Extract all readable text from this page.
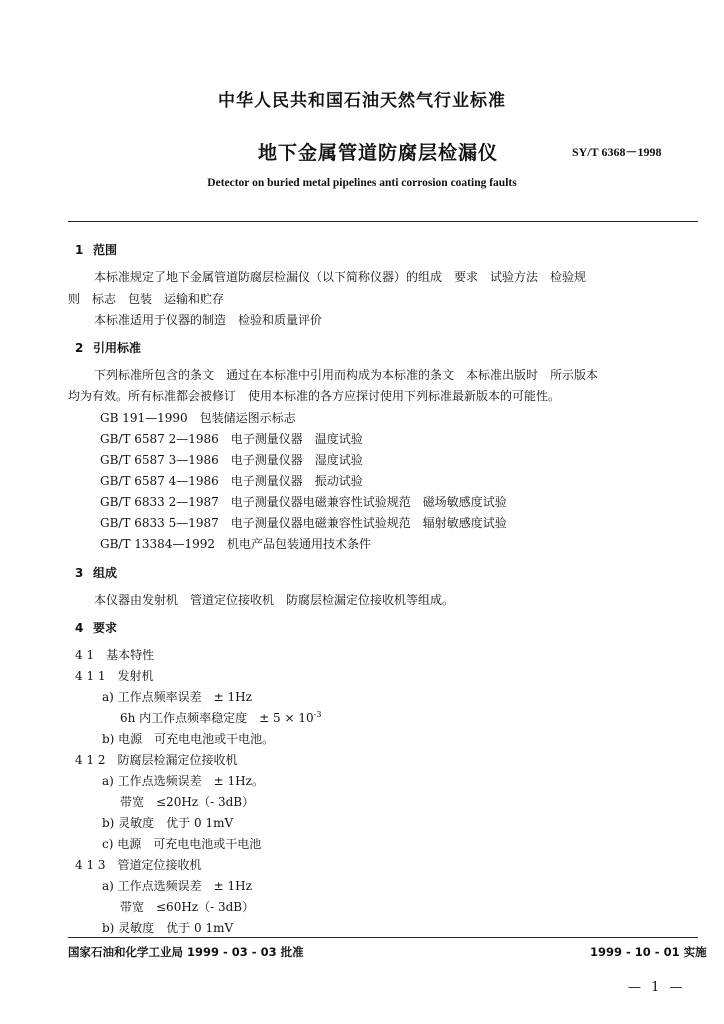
中华人民共和国石油天然气行业标准
地下金属管道防腐层检漏仪	SY/T 6368－1998
Detector on buried metal pipelines anti corrosion coating faults
1 范围
本标准规定了地下金属管道防腐层检漏仪（以下简称仪器）的组成　要求　试验方法　检验规
则　标志　包装　运输和贮存
本标准适用于仪器的制造　检验和质量评价
2 引用标准
下列标准所包含的条文　通过在本标准中引用而构成为本标准的条文　本标准出版时　所示版本
均为有效。所有标准都会被修订　使用本标准的各方应探讨使用下列标准最新版本的可能性。
GB 191—1990　包装储运图示标志
GB/T 6587 2—1986　电子测量仪器　温度试验
GB/T 6587 3—1986　电子测量仪器　湿度试验
GB/T 6587 4—1986　电子测量仪器　振动试验
GB/T 6833 2—1987　电子测量仪器电磁兼容性试验规范　磁场敏感度试验
GB/T 6833 5—1987　电子测量仪器电磁兼容性试验规范　辐射敏感度试验
GB/T 13384—1992　机电产品包装通用技术条件
3 组成
本仪器由发射机　管道定位接收机　防腐层检漏定位接收机等组成。
4 要求
4 1　基本特性
4 1 1　发射机
a) 工作点频率误差　± 1Hz
6h 内工作点频率稳定度　± $5 \times 10^{-3}$
b) 电源　可充电电池或干电池。
4 1 2　防腐层检漏定位接收机
a) 工作点选频误差　± 1Hz。
带宽　≤20Hz（- 3dB）
b) 灵敏度　优于 0 1mV
c) 电源　可充电电池或干电池
4 1 3　管道定位接收机
a) 工作点选频误差　± 1Hz
带宽　≤60Hz（- 3dB）
b) 灵敏度　优于 0 1mV
国家石油和化学工业局 1999 - 03 - 03 批准	1999 - 10 - 01 实施
— 1 —
